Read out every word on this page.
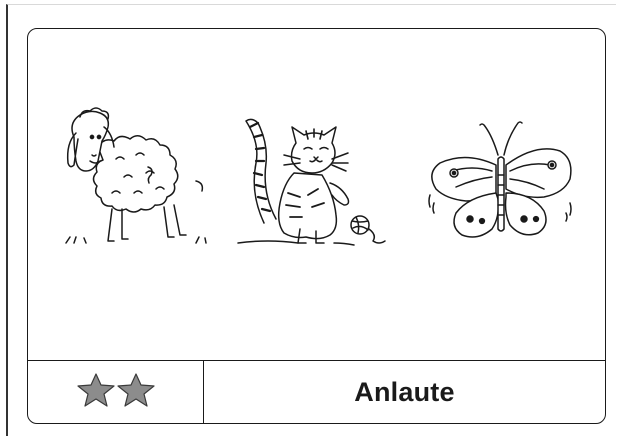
Anlaute
